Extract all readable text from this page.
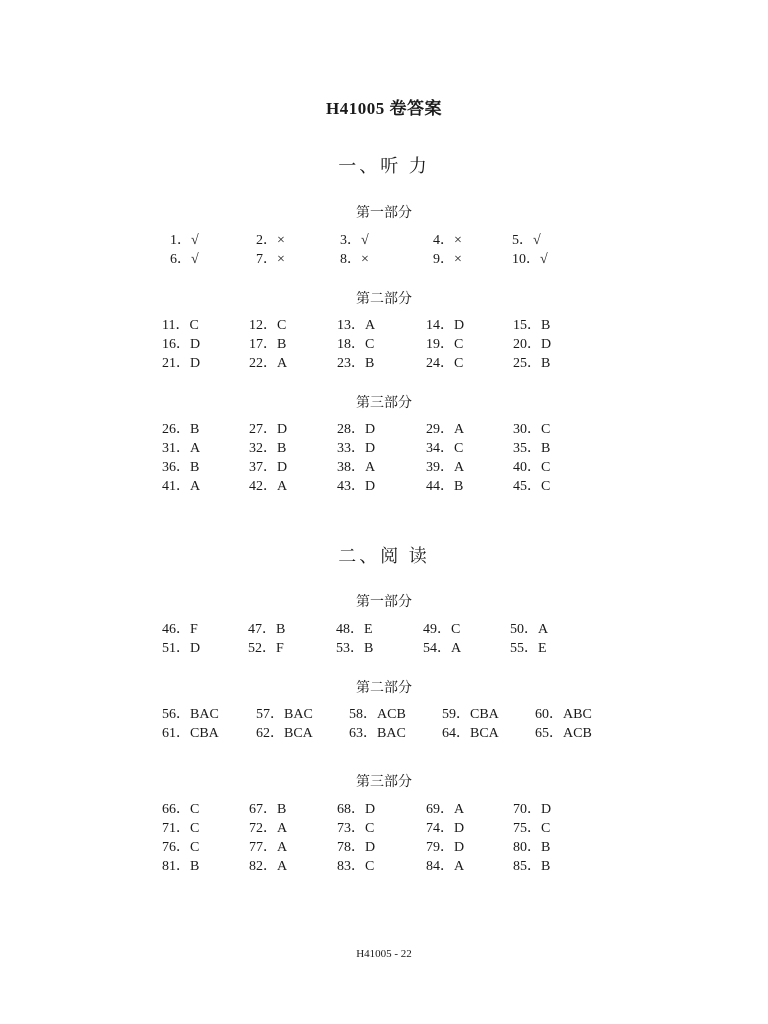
H41005 卷答案
一、听 力
第一部分
第二部分
第三部分
二、阅 读
第一部分
第二部分
第三部分
1．√	2．×	3．√	4．×	5．√
6．√	7．×	8．×	9．×	10．√
11．C	12．C	13．A	14．D	15．B
16．D	17．B	18．C	19．C	20．D
21．D	22．A	23．B	24．C	25．B
26．B	27．D	28．D	29．A	30．C
31．A	32．B	33．D	34．C	35．B
36．B	37．D	38．A	39．A	40．C
41．A	42．A	43．D	44．B	45．C
46．F	47．B	48．E	49．C	50．A
51．D	52．F	53．B	54．A	55．E
56．BAC	57．BAC	58．ACB	59．CBA	60．ABC
61．CBA	62．BCA	63．BAC	64．BCA	65．ACB
66．C	67．B	68．D	69．A	70．D
71．C	72．A	73．C	74．D	75．C
76．C	77．A	78．D	79．D	80．B
81．B	82．A	83．C	84．A	85．B
H41005 - 22
